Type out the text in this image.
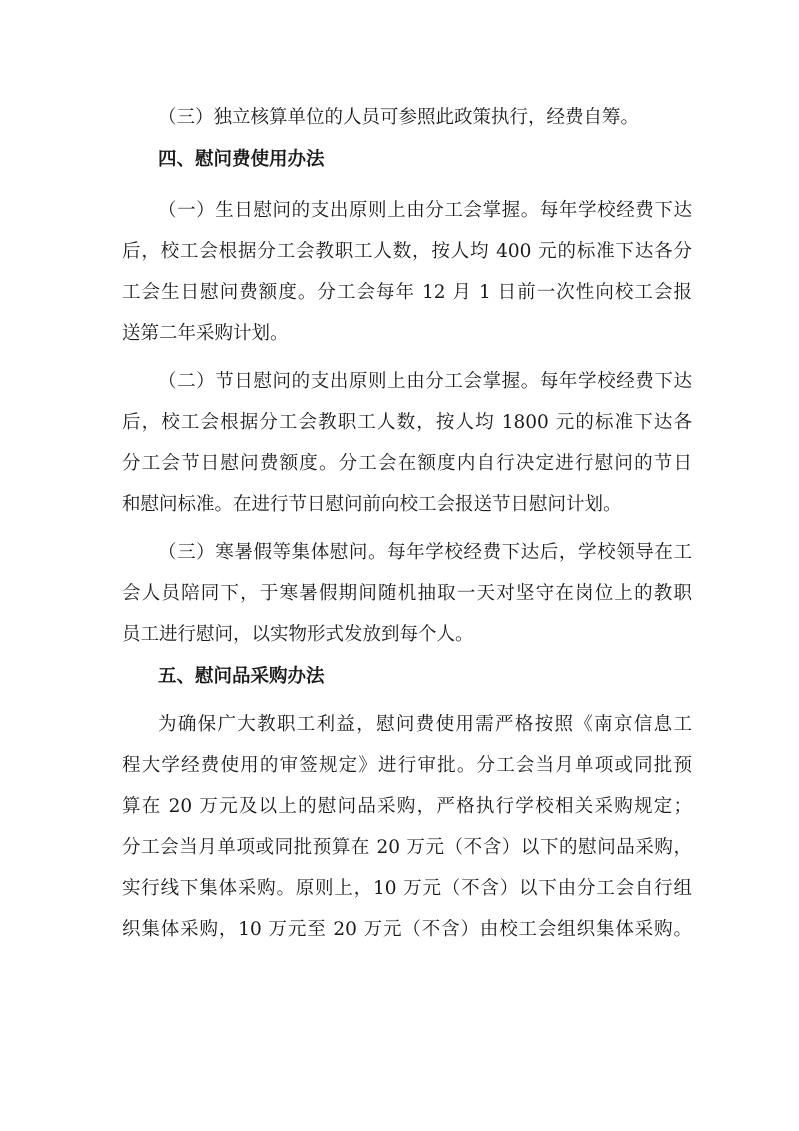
（三）独立核算单位的人员可参照此政策执行，经费自筹。
四、慰问费使用办法
（一）生日慰问的支出原则上由分工会掌握。每年学校经费下达
后，校工会根据分工会教职工人数，按人均 400 元的标准下达各分
工会生日慰问费额度。分工会每年 12 月 1 日前一次性向校工会报
送第二年采购计划。
（二）节日慰问的支出原则上由分工会掌握。每年学校经费下达
后，校工会根据分工会教职工人数，按人均 1800 元的标准下达各
分工会节日慰问费额度。分工会在额度内自行决定进行慰问的节日
和慰问标准。在进行节日慰问前向校工会报送节日慰问计划。
（三）寒暑假等集体慰问。每年学校经费下达后，学校领导在工
会人员陪同下，于寒暑假期间随机抽取一天对坚守在岗位上的教职
员工进行慰问，以实物形式发放到每个人。
五、慰问品采购办法
为确保广大教职工利益，慰问费使用需严格按照《南京信息工
程大学经费使用的审签规定》进行审批。分工会当月单项或同批预
算在 20 万元及以上的慰问品采购，严格执行学校相关采购规定；
分工会当月单项或同批预算在 20 万元（不含）以下的慰问品采购，
实行线下集体采购。原则上，10 万元（不含）以下由分工会自行组
织集体采购，10 万元至 20 万元（不含）由校工会组织集体采购。
